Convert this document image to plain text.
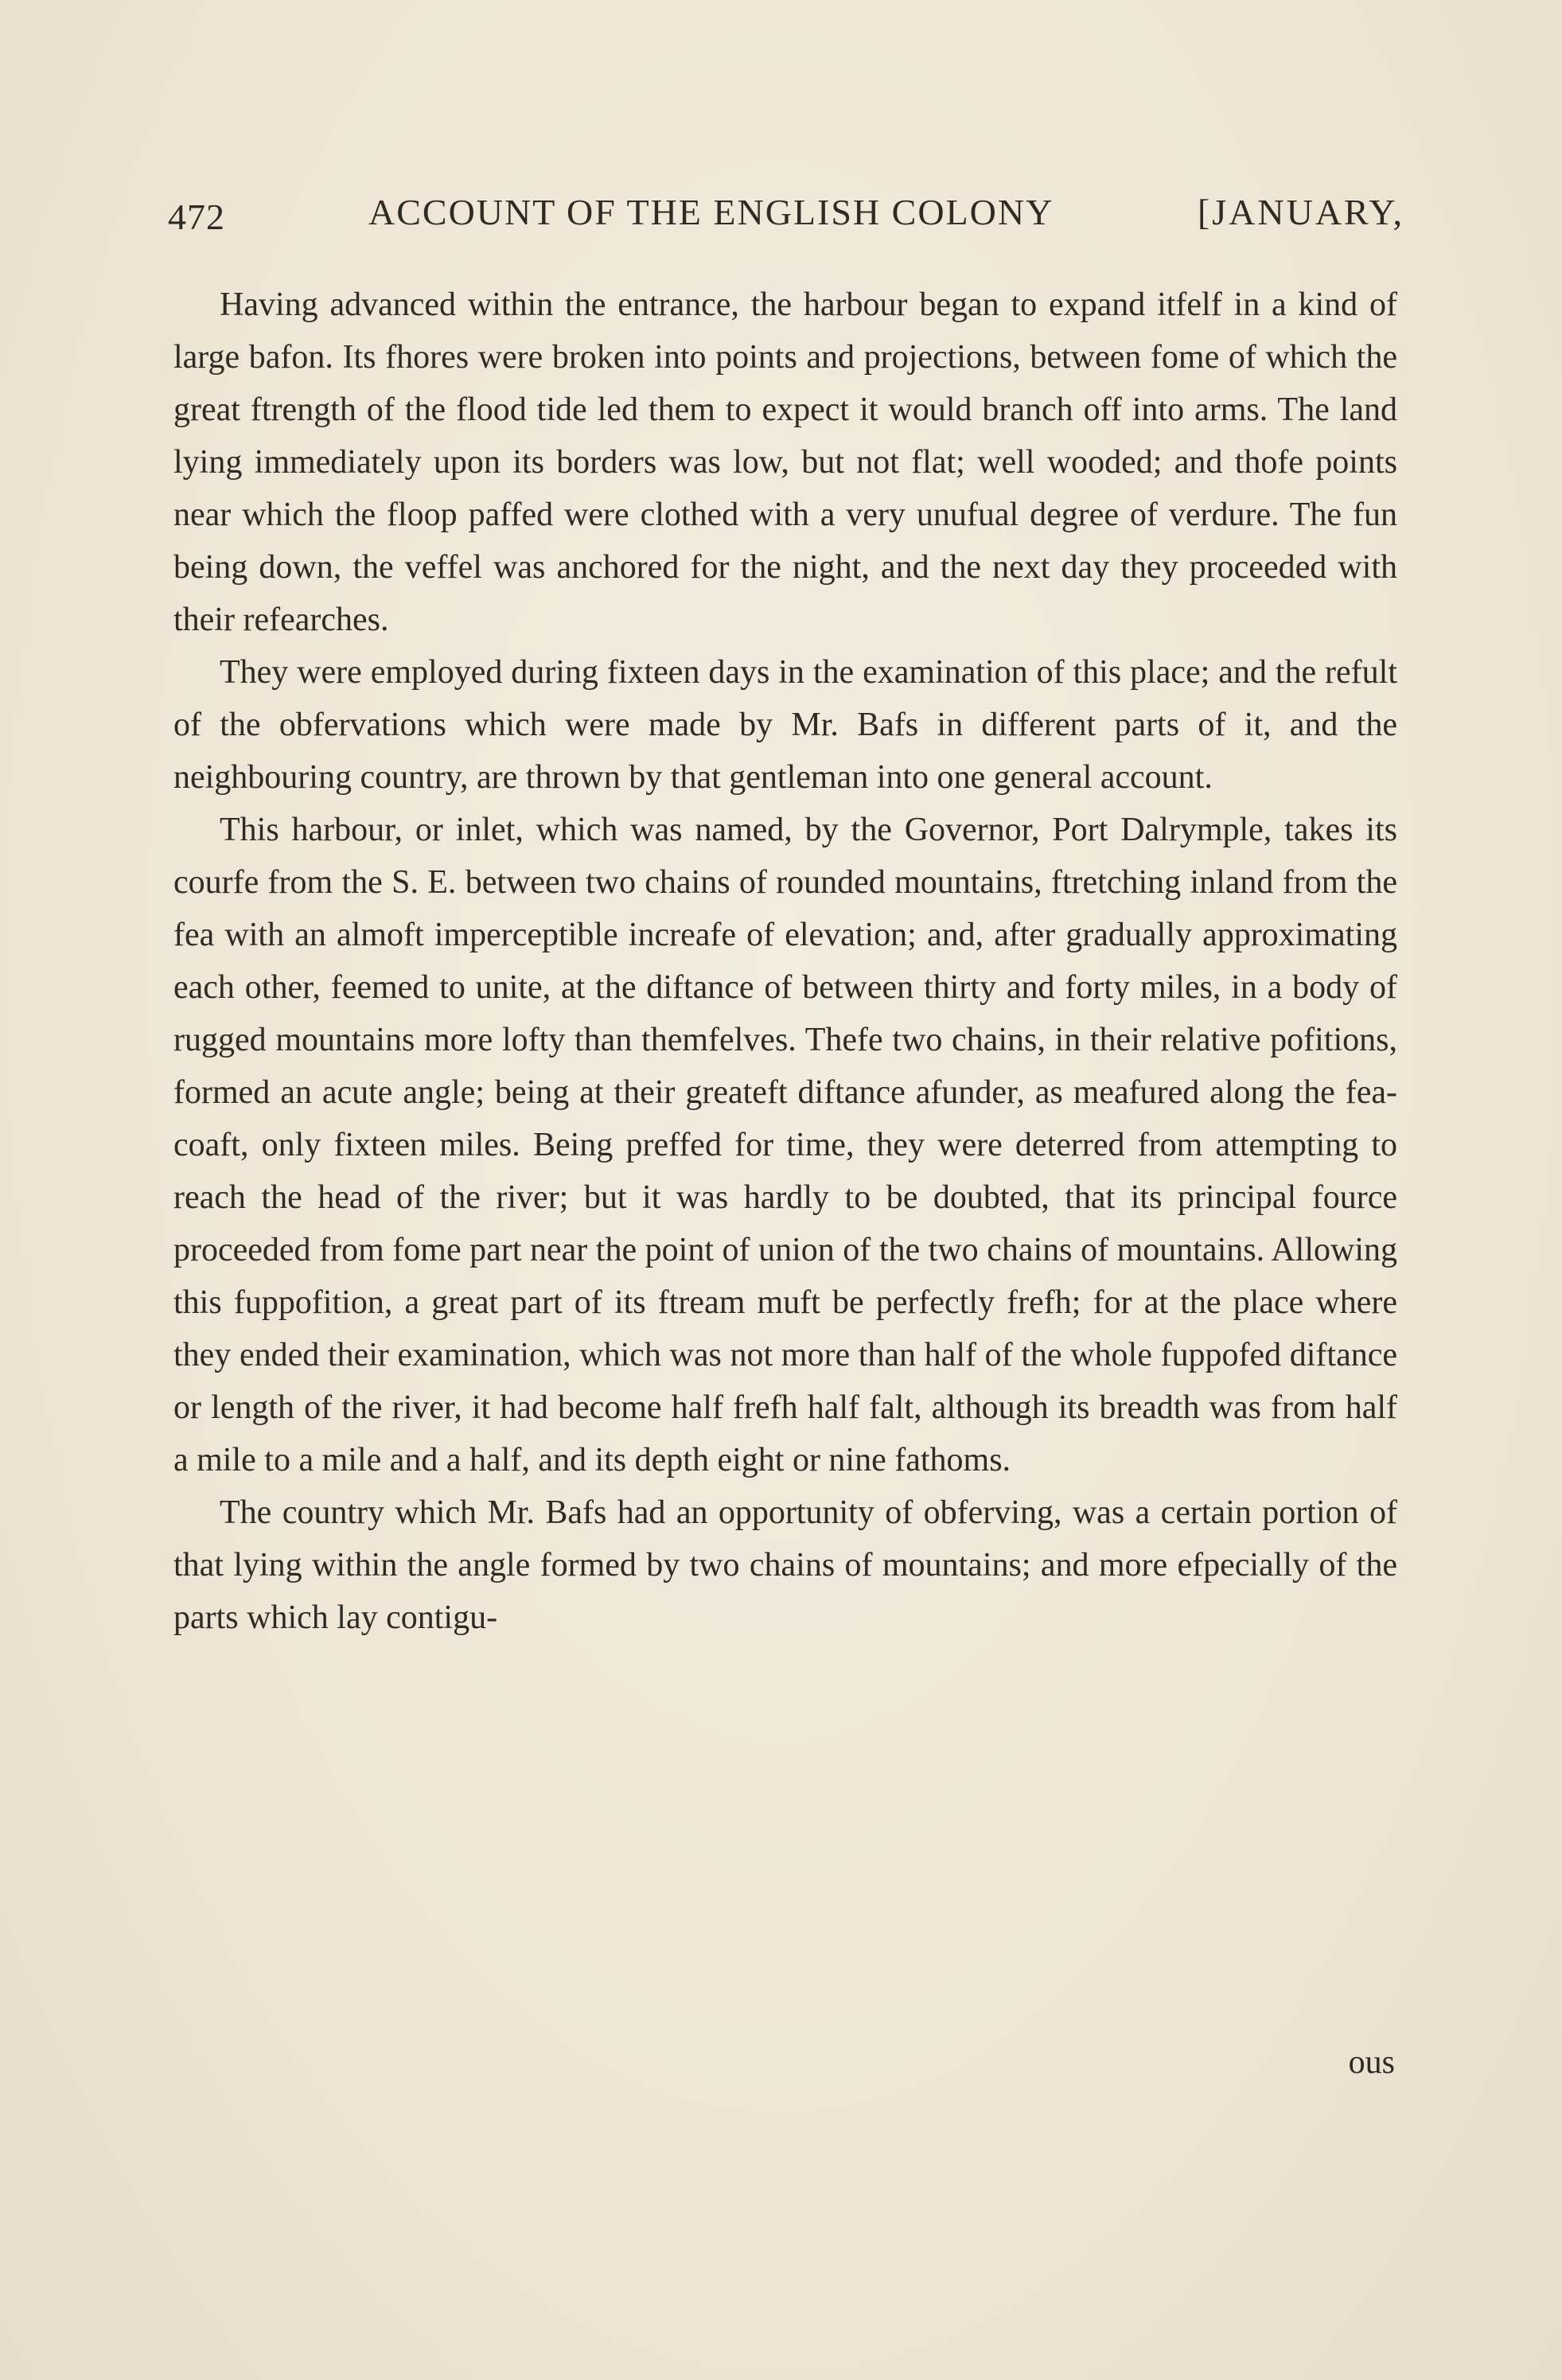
472	ACCOUNT OF THE ENGLISH COLONY	[JANUARY,

Having advanced within the entrance, the harbour began to expand itfelf in a kind of large bafon. Its fhores were broken into points and projections, between fome of which the great ftrength of the flood tide led them to expect it would branch off into arms. The land lying immediately upon its borders was low, but not flat; well wooded; and thofe points near which the floop paffed were clothed with a very unufual degree of verdure. The fun being down, the veffel was anchored for the night, and the next day they proceeded with their refearches.

They were employed during fixteen days in the examination of this place; and the refult of the obfervations which were made by Mr. Bafs in different parts of it, and the neighbouring country, are thrown by that gentleman into one general account.

This harbour, or inlet, which was named, by the Governor, Port Dalrymple, takes its courfe from the S. E. between two chains of rounded mountains, ftretching inland from the fea with an almoft imperceptible increafe of elevation; and, after gradually approximating each other, feemed to unite, at the diftance of between thirty and forty miles, in a body of rugged mountains more lofty than themfelves. Thefe two chains, in their relative pofitions, formed an acute angle; being at their greateft diftance afunder, as meafured along the fea-coaft, only fixteen miles. Being preffed for time, they were deterred from attempting to reach the head of the river; but it was hardly to be doubted, that its principal fource proceeded from fome part near the point of union of the two chains of mountains. Allowing this fuppofition, a great part of its ftream muft be perfectly frefh; for at the place where they ended their examination, which was not more than half of the whole fuppofed diftance or length of the river, it had become half frefh half falt, although its breadth was from half a mile to a mile and a half, and its depth eight or nine fathoms.

The country which Mr. Bafs had an opportunity of obferving, was a certain portion of that lying within the angle formed by two chains of mountains; and more efpecially of the parts which lay contigu-

ous
